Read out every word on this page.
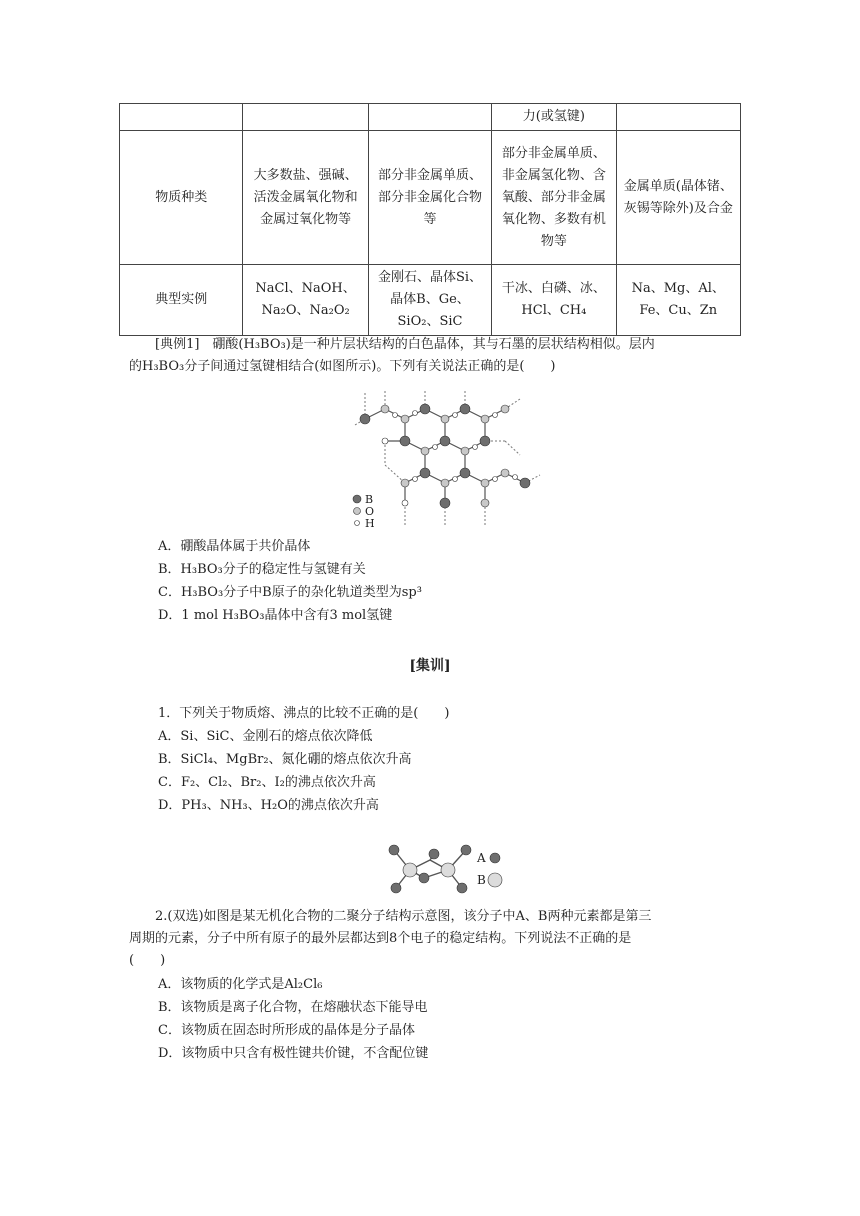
			力(或氢键)	
物质种类	大多数盐、强碱、活泼金属氧化物和金属过氧化物等	部分非金属单质、部分非金属化合物等	部分非金属单质、非金属氢化物、含氧酸、部分非金属氧化物、多数有机物等	金属单质(晶体锗、灰锡等除外)及合金
典型实例	NaCl、NaOH、Na₂O、Na₂O₂	金刚石、晶体Si、晶体B、Ge、SiO₂、SiC	干冰、白磷、冰、HCl、CH₄	Na、Mg、Al、Fe、Cu、Zn
[典例1]　硼酸(H₃BO₃)是一种片层状结构的白色晶体，其与石墨的层状结构相似。层内
的H₃BO₃分子间通过氢键相结合(如图所示)。下列有关说法正确的是(　　)
B
O
H
A．硼酸晶体属于共价晶体
B．H₃BO₃分子的稳定性与氢键有关
C．H₃BO₃分子中B原子的杂化轨道类型为sp³
D．1 mol H₃BO₃晶体中含有3 mol氢键
[集训]
1．下列关于物质熔、沸点的比较不正确的是(　　)
A．Si、SiC、金刚石的熔点依次降低
B．SiCl₄、MgBr₂、氮化硼的熔点依次升高
C．F₂、Cl₂、Br₂、I₂的沸点依次升高
D．PH₃、NH₃、H₂O的沸点依次升高
A
B
2.(双选)如图是某无机化合物的二聚分子结构示意图，该分子中A、B两种元素都是第三
周期的元素，分子中所有原子的最外层都达到8个电子的稳定结构。下列说法不正确的是
(　　)
A．该物质的化学式是Al₂Cl₆
B．该物质是离子化合物，在熔融状态下能导电
C．该物质在固态时所形成的晶体是分子晶体
D．该物质中只含有极性键共价键，不含配位键
